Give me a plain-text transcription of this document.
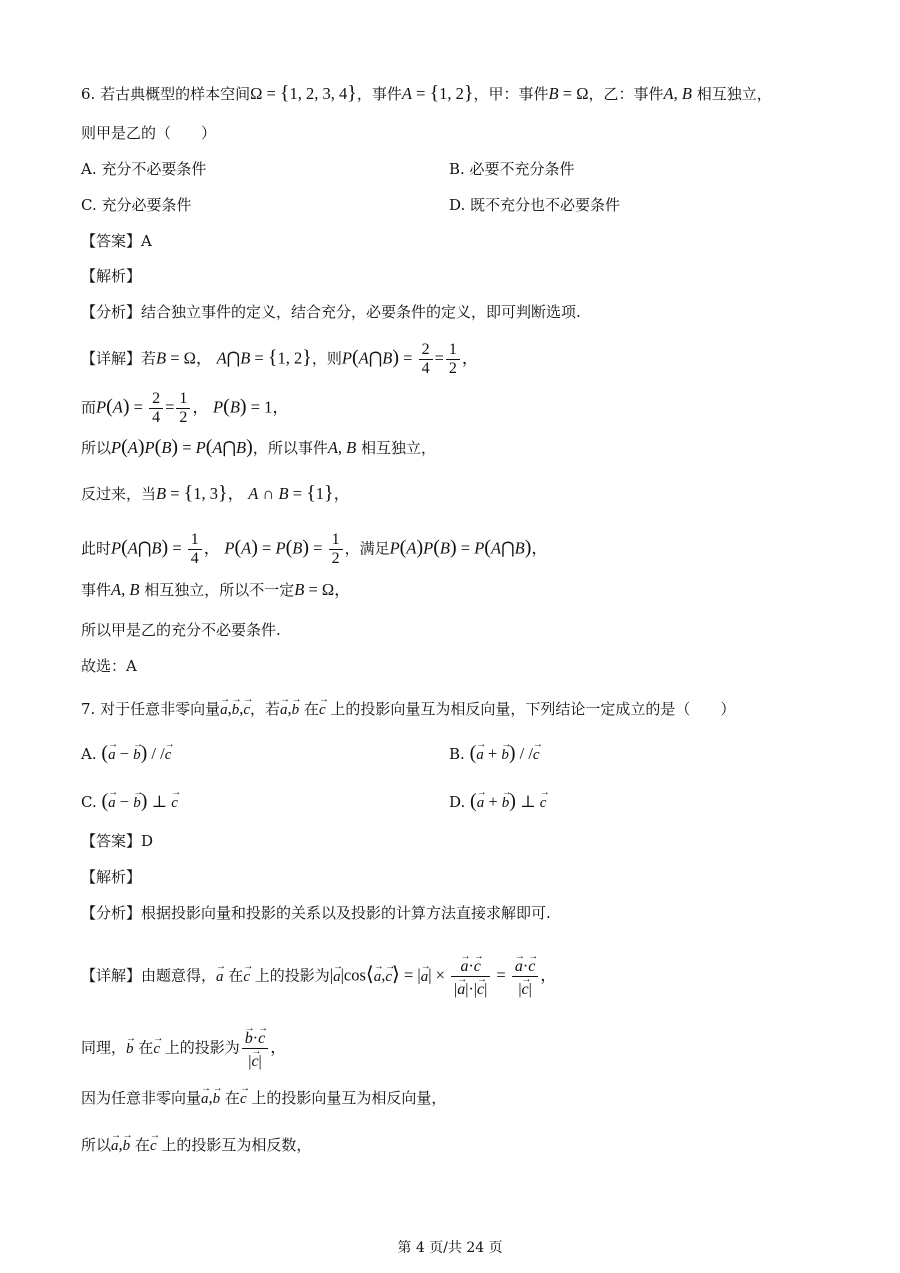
6. 若古典概型的样本空间Ω = {1, 2, 3, 4}，事件A = {1, 2}，甲：事件B = Ω，乙：事件A, B 相互独立，
则甲是乙的（　　）
A. 充分不必要条件	B. 必要不充分条件
C. 充分必要条件	D. 既不充分也不必要条件
【答案】A
【解析】
【分析】结合独立事件的定义，结合充分，必要条件的定义，即可判断选项.
【详解】若B = Ω， A⋂B = {1, 2}，则P(A⋂B) = $\frac{2}{4} = \frac{1}{2}$ ，
而$P(A) = \frac{2}{4} = \frac{1}{2}$ ， P(B) = 1，
所以P(A)P(B) = P(A⋂B)，所以事件A, B 相互独立，
反过来，当B = {1, 3}， A ∩ B = {1}，
此时P(A⋂B) = $\frac{1}{4}$ ， $P(A) = P(B) = \frac{1}{2}$ ，满足P(A)P(B) = P(A⋂B)，
事件A, B 相互独立，所以不一定B = Ω，
所以甲是乙的充分不必要条件.
故选：A
7. 对于任意非零向量→ a,→ b,→ c，若→ a,→ b 在→ c 上的投影向量互为相反向量，下列结论一定成立的是（　　）
A. (→ a − → b) / /→ c	B. (→ a + → b) / /→ c
C. (→ a − → b) ⊥ → c	D. (→ a + → b) ⊥ → c
【答案】D
【解析】
【分析】根据投影向量和投影的关系以及投影的计算方法直接求解即可.
【详解】由题意得，→ a 在→ c 上的投影为|→ a|cos⟨→ a,→ c⟩ = |→ a| × → $\frac{a\cdot\to c}{|\to a|\cdot|\to c|}$ = → $\frac{a\cdot\to c}{|\to c|}$ ，
同理，→ b 在→ c 上的投影为 → $\frac{b\cdot\to c}{|\to c|}$ ，
因为任意非零向量→ a,→ b 在→ c 上的投影向量互为相反向量，
所以→ a,→ b 在→ c 上的投影互为相反数，
第 4 页/共 24 页
